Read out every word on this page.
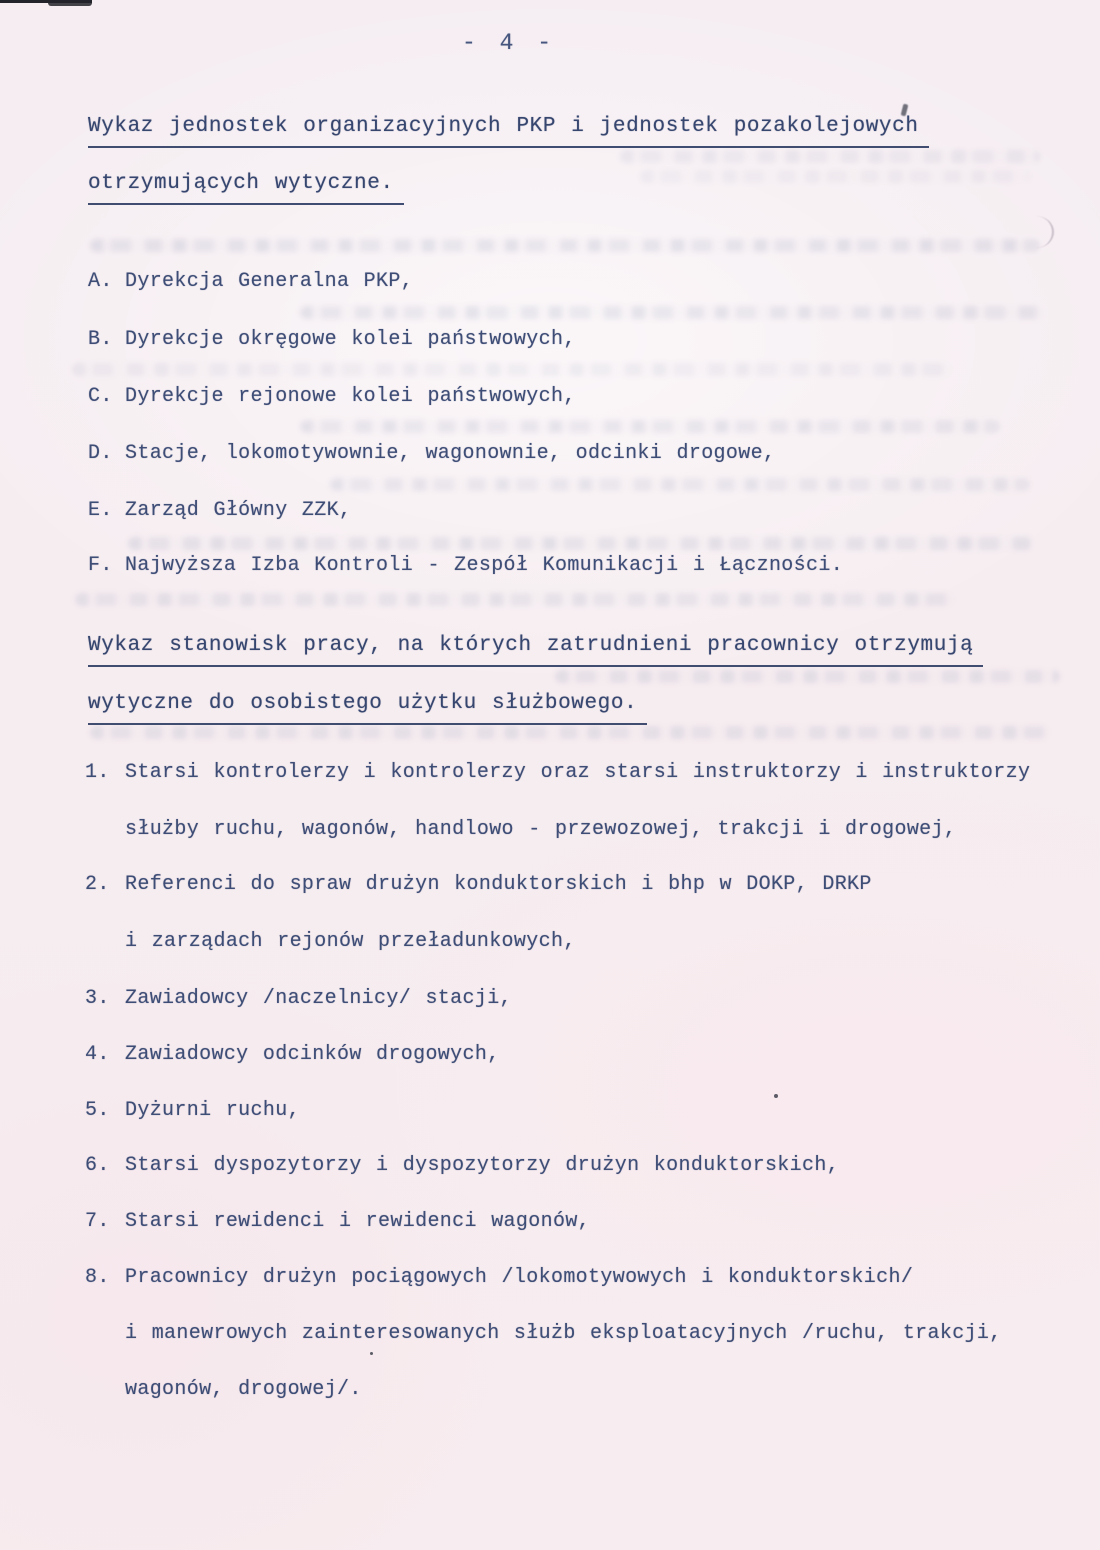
- 4 -
Wykaz jednostek organizacyjnych PKP i jednostek pozakolejowych
otrzymujących wytyczne.
A. Dyrekcja Generalna PKP,
B. Dyrekcje okręgowe kolei państwowych,
C. Dyrekcje rejonowe kolei państwowych,
D. Stacje, lokomotywownie, wagonownie, odcinki drogowe,
E. Zarząd Główny ZZK,
F. Najwyższa Izba Kontroli - Zespół Komunikacji i Łączności.
Wykaz stanowisk pracy, na których zatrudnieni pracownicy otrzymują
wytyczne do osobistego użytku służbowego.
1. Starsi kontrolerzy i kontrolerzy oraz starsi instruktorzy i instruktorzy
służby ruchu, wagonów, handlowo - przewozowej, trakcji i drogowej,
2. Referenci do spraw drużyn konduktorskich i bhp w DOKP, DRKP
i zarządach rejonów przeładunkowych,
3. Zawiadowcy /naczelnicy/ stacji,
4. Zawiadowcy odcinków drogowych,
5. Dyżurni ruchu,
6. Starsi dyspozytorzy i dyspozytorzy drużyn konduktorskich,
7. Starsi rewidenci i rewidenci wagonów,
8. Pracownicy drużyn pociągowych /lokomotywowych i konduktorskich/
i manewrowych zainteresowanych służb eksploatacyjnych /ruchu, trakcji,
wagonów, drogowej/.
